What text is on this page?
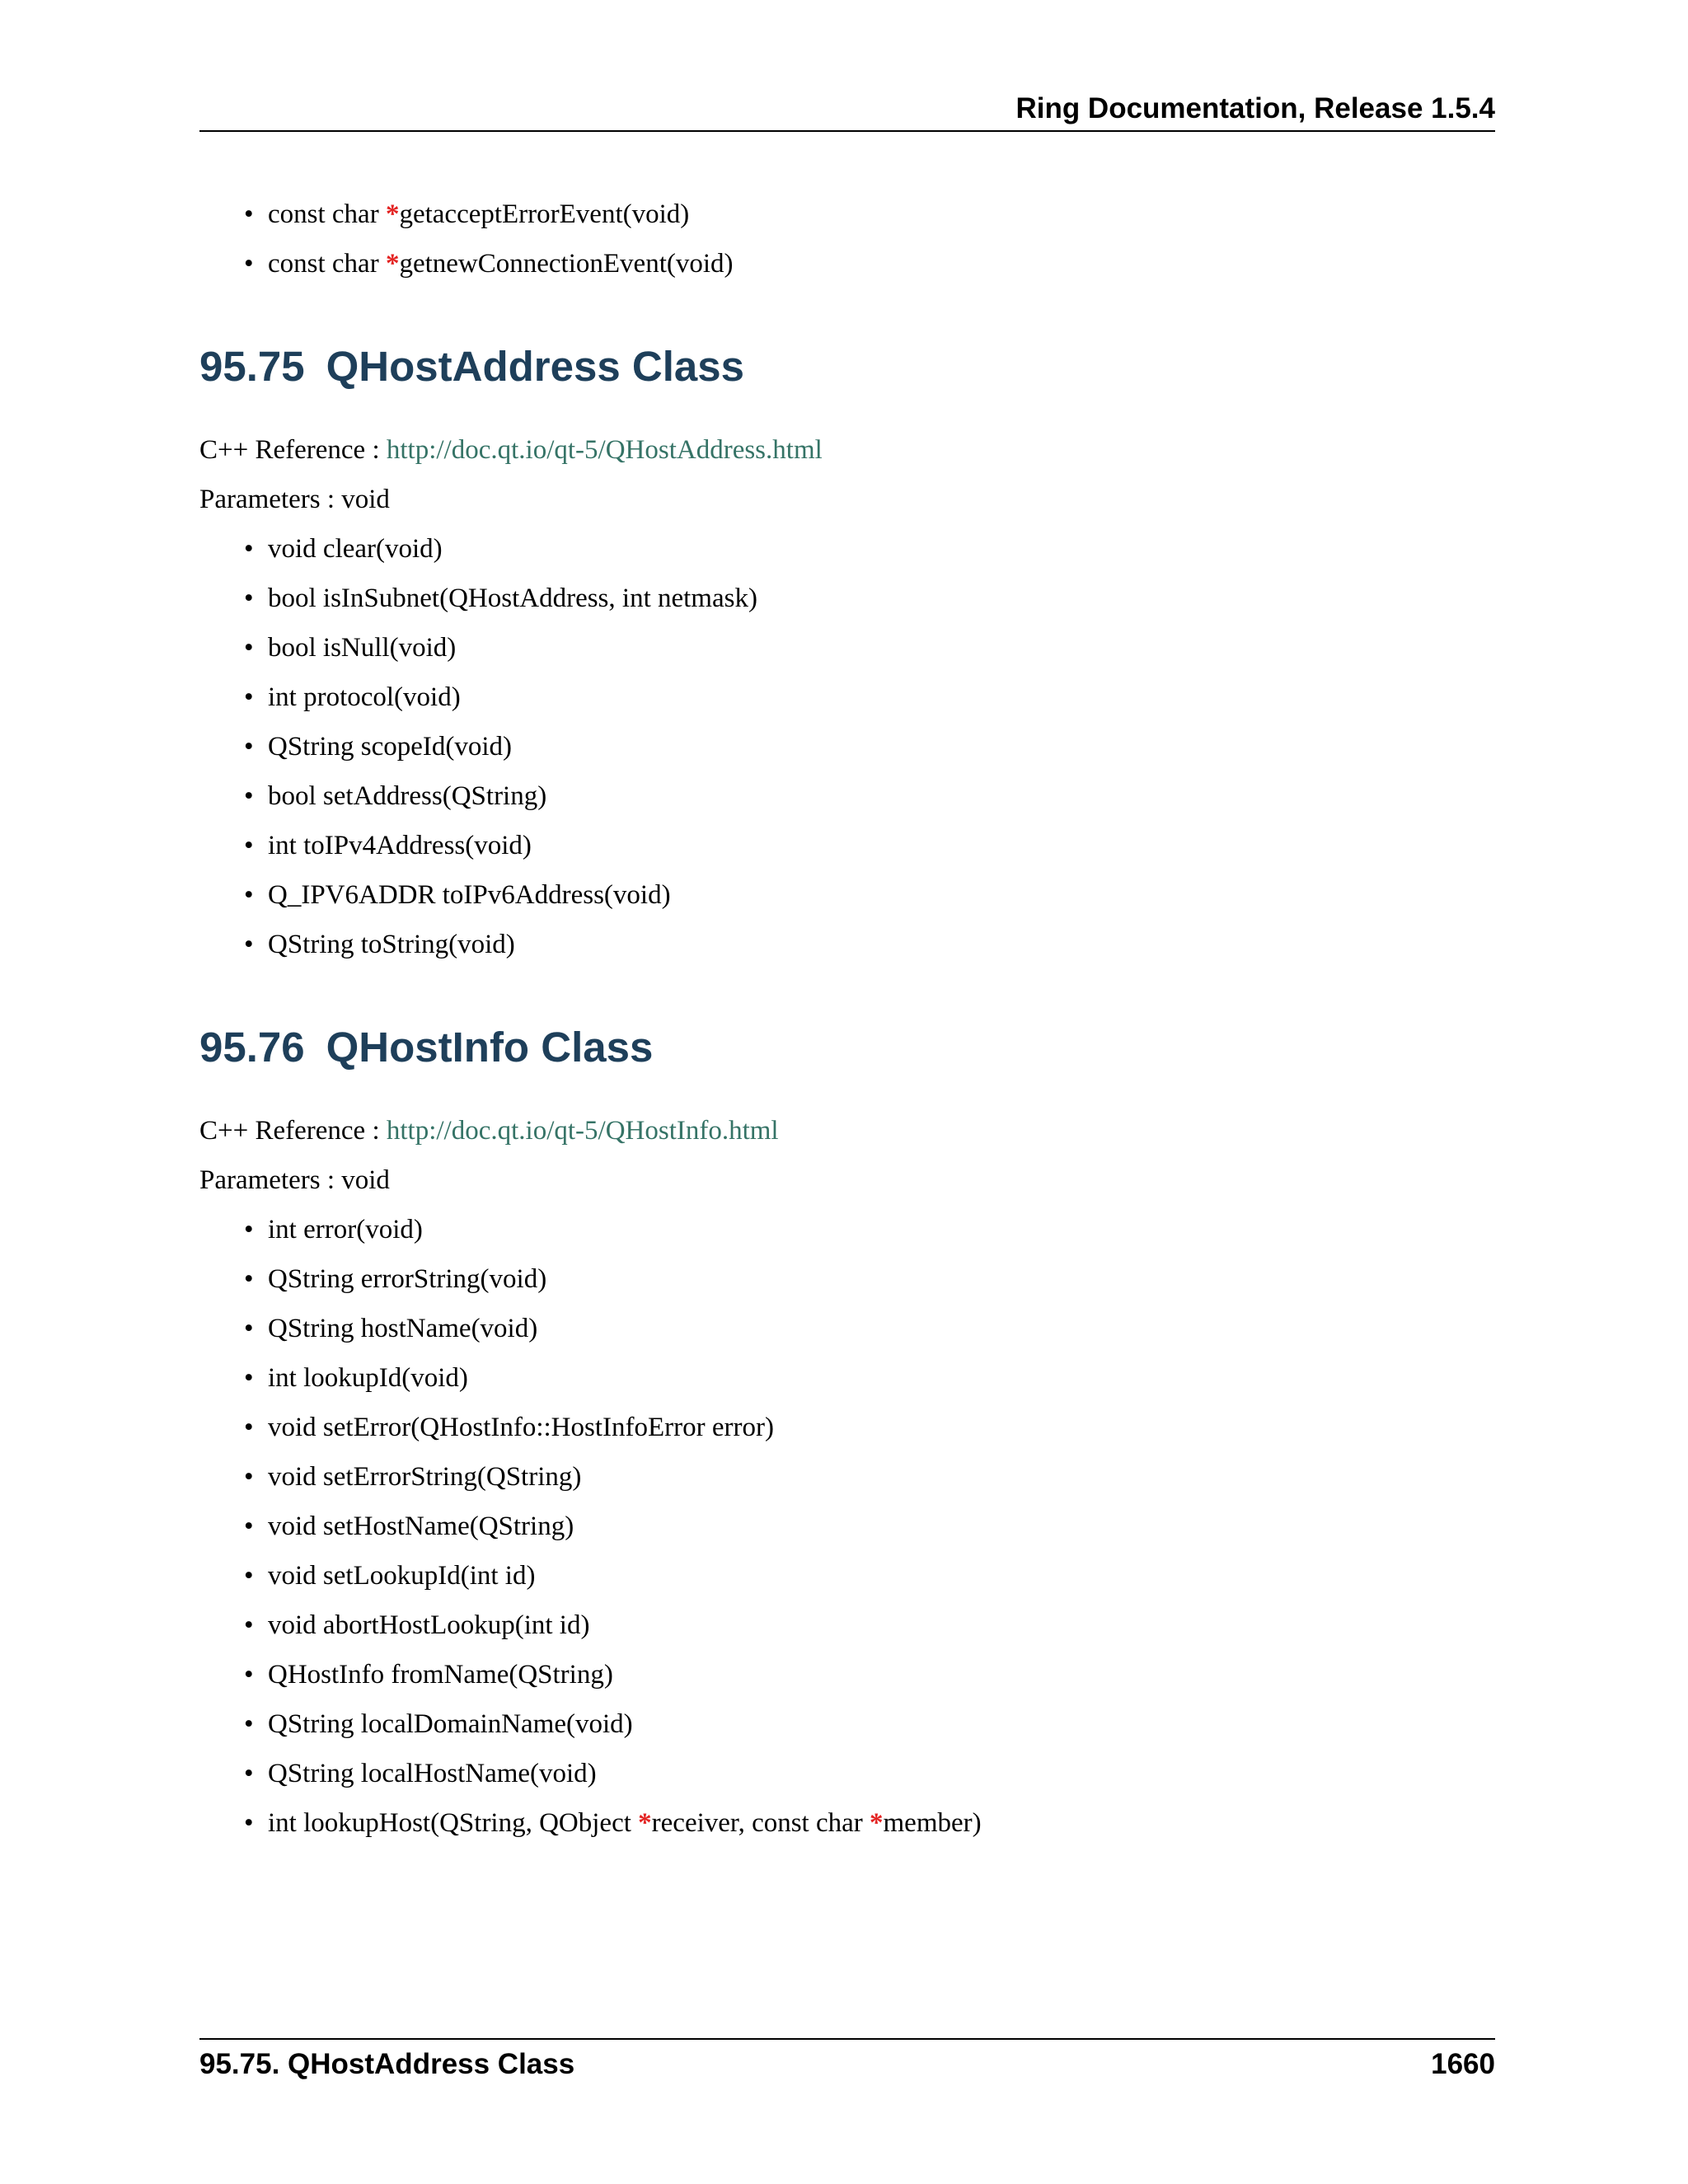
Ring Documentation, Release 1.5.4
• const char *getacceptErrorEvent(void)
• const char *getnewConnectionEvent(void)
95.75 QHostAddress Class
C++ Reference : http://doc.qt.io/qt-5/QHostAddress.html
Parameters : void
• void clear(void)
• bool isInSubnet(QHostAddress, int netmask)
• bool isNull(void)
• int protocol(void)
• QString scopeId(void)
• bool setAddress(QString)
• int toIPv4Address(void)
• Q_IPV6ADDR toIPv6Address(void)
• QString toString(void)
95.76 QHostInfo Class
C++ Reference : http://doc.qt.io/qt-5/QHostInfo.html
Parameters : void
• int error(void)
• QString errorString(void)
• QString hostName(void)
• int lookupId(void)
• void setError(QHostInfo::HostInfoError error)
• void setErrorString(QString)
• void setHostName(QString)
• void setLookupId(int id)
• void abortHostLookup(int id)
• QHostInfo fromName(QString)
• QString localDomainName(void)
• QString localHostName(void)
• int lookupHost(QString, QObject *receiver, const char *member)
95.75. QHostAddress Class	1660
